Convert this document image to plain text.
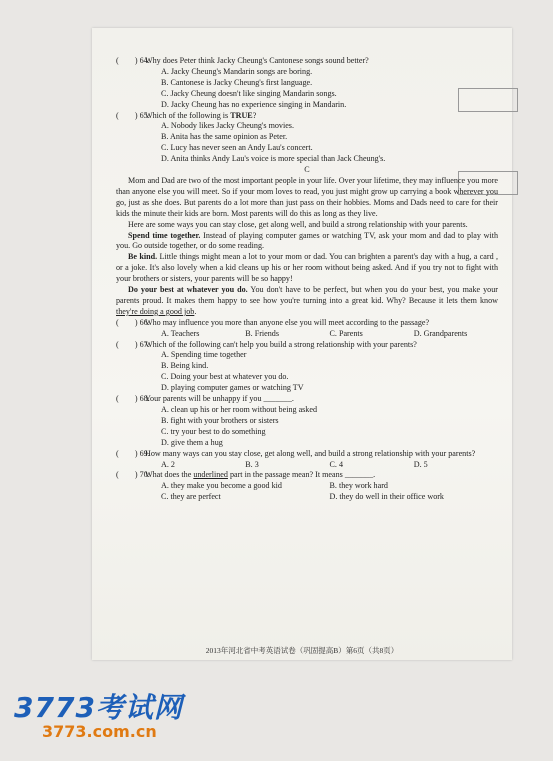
(　　) 64.
Why does Peter think Jacky Cheung's Cantonese songs sound better?
A. Jacky Cheung's Mandarin songs are boring.
B. Cantonese is Jacky Cheung's first language.
C. Jacky Cheung doesn't like singing Mandarin songs.
D. Jacky Cheung has no experience singing in Mandarin.
(　　) 65.
Which of the following is TRUE?
A. Nobody likes Jacky Cheung's movies.
B. Anita has the same opinion as Peter.
C. Lucy has never seen an Andy Lau's concert.
D. Anita thinks Andy Lau's voice is more special than Jack Cheung's.
C

Mom and Dad are two of the most important people in your life. Over your lifetime, they may influence you more than anyone else you will meet. So if your mom loves to read, you just might grow up carrying a book wherever you go, just as she does. But parents do a lot more than just pass on their hobbies. Moms and Dads need to care for their kids the minute their kids are born. Most parents will do this as long as they live.

Here are some ways you can stay close, get along well, and build a strong relationship with your parents.

Spend time together. Instead of playing computer games or watching TV, ask your mom and dad to play with you. Go outside together, or do some reading.

Be kind. Little things might mean a lot to your mom or dad. You can brighten a parent's day with a hug, a card , or a joke. It's also lovely when a kid cleans up his or her room without being asked. And if you try not to fight with your brothers or sisters, your parents will be so happy!

Do your best at whatever you do. You don't have to be perfect, but when you do your best, you make your parents proud. It makes them happy to see how you're turning into a great kid. Why? Because it lets them know they're doing a good job.

(　　) 66.
Who may influence you more than anyone else you will meet according to the passage?
A. Teachers	B. Friends	C. Parents	D. Grandparents
(　　) 67.
Which of the following can't help you build a strong relationship with your parents?
A. Spending time together
B. Being kind.
C. Doing your best at whatever you do.
D. playing computer games or watching TV
(　　) 68.
Your parents will be unhappy if you _______.
A. clean up his or her room without being asked
B. fight with your brothers or sisters
C. try your best to do something
D. give them a hug
(　　) 69.
How many ways can you stay close, get along well, and build a strong relationship with your parents?
A. 2	B. 3	C. 4	D. 5
(　　) 70.
What does the underlined part in the passage mean? It means _______.
A. they make you become a good kid	B. they work hard
C. they are perfect	D. they do well in their office work
2013年河北省中考英语试卷（巩固提高B）第6页（共8页）
3773考试网
3773.com.cn
